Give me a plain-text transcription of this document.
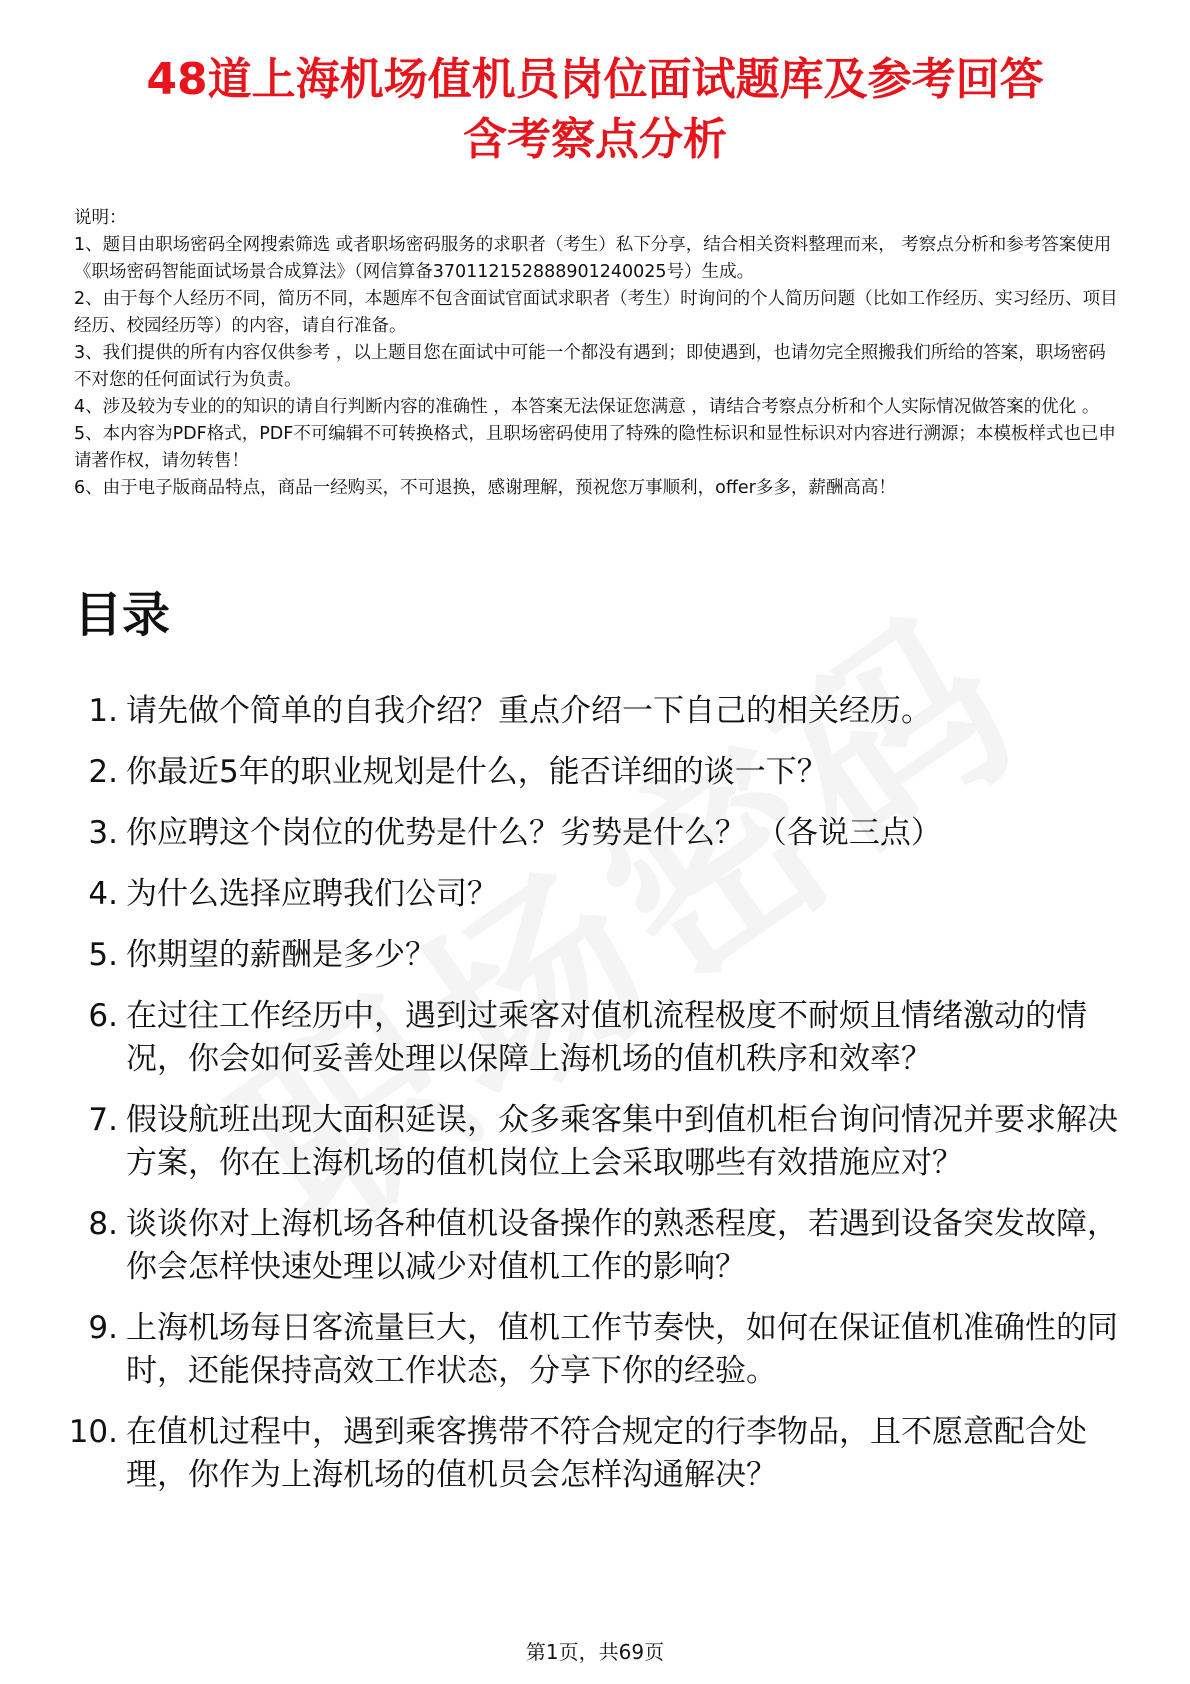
48道上海机场值机员岗位面试题库及参考回答
含考察点分析
说明：
1、题目由职场密码全网搜索筛选 或者职场密码服务的求职者（考生）私下分享，结合相关资料整理而来， 考察点分析和参考答案使用《职场密码智能面试场景合成算法》（网信算备370112152888901240025号）生成。
2、由于每个人经历不同，简历不同，本题库不包含面试官面试求职者（考生）时询问的个人简历问题（比如工作经历、实习经历、项目经历、校园经历等）的内容，请自行准备。
3、我们提供的所有内容仅供参考 ，以上题目您在面试中可能一个都没有遇到；即使遇到，也请勿完全照搬我们所给的答案，职场密码不对您的任何面试行为负责。
4、涉及较为专业的的知识的请自行判断内容的准确性 ，本答案无法保证您满意 ，请结合考察点分析和个人实际情况做答案的优化 。
5、本内容为PDF格式，PDF不可编辑不可转换格式，且职场密码使用了特殊的隐性标识和显性标识对内容进行溯源；本模板样式也已申请著作权，请勿转售！
6、由于电子版商品特点，商品一经购买，不可退换，感谢理解，预祝您万事顺利，offer多多，薪酬高高！
目录
1. 请先做个简单的自我介绍？重点介绍一下自己的相关经历。
2. 你最近5年的职业规划是什么，能否详细的谈一下？
3. 你应聘这个岗位的优势是什么？劣势是什么？ （各说三点）
4. 为什么选择应聘我们公司？
5. 你期望的薪酬是多少？
6. 在过往工作经历中，遇到过乘客对值机流程极度不耐烦且情绪激动的情况，你会如何妥善处理以保障上海机场的值机秩序和效率？
7. 假设航班出现大面积延误，众多乘客集中到值机柜台询问情况并要求解决方案，你在上海机场的值机岗位上会采取哪些有效措施应对？
8. 谈谈你对上海机场各种值机设备操作的熟悉程度，若遇到设备突发故障，你会怎样快速处理以减少对值机工作的影响？
9. 上海机场每日客流量巨大，值机工作节奏快，如何在保证值机准确性的同时，还能保持高效工作状态，分享下你的经验。
10. 在值机过程中，遇到乘客携带不符合规定的行李物品，且不愿意配合处理，你作为上海机场的值机员会怎样沟通解决？
第1页，共69页
